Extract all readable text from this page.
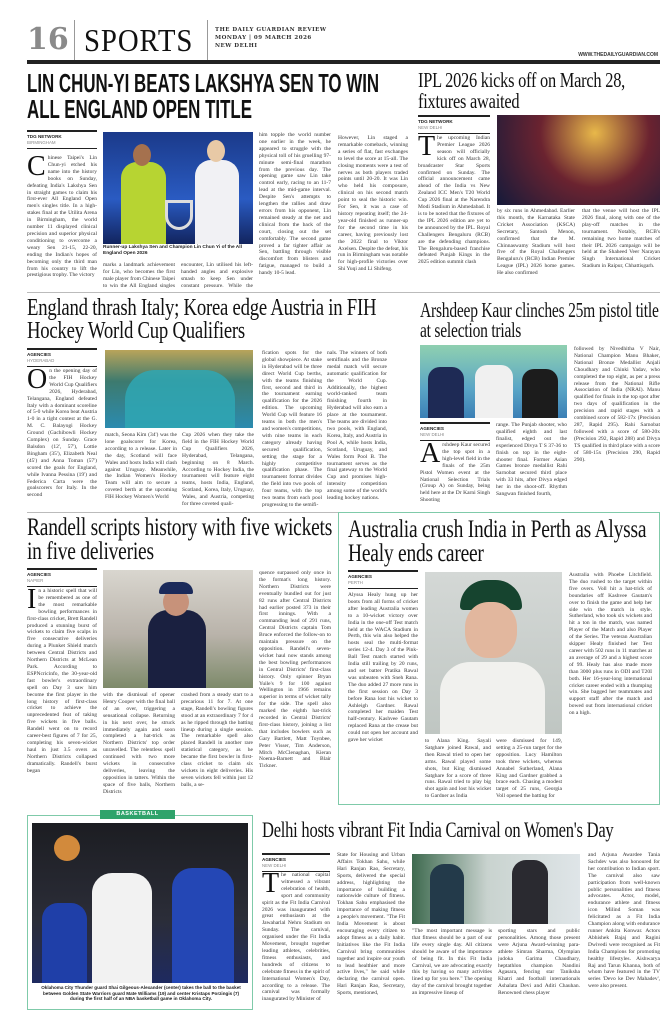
16 SPORTS	THE DAILY GUARDIAN REVIEW
MONDAY | 09 MARCH 2026
NEW DELHI
WWW.THEDAILYGUARDIAN.COM
LIN CHUN-YI BEATS LAKSHYA SEN TO WIN ALL ENGLAND OPEN TITLE
TDG NETWORK
BIRMINGHAM
Chinese Taipei's Lin Chun-yi etched his name into the history books on Sunday, defeating India's Lakshya Sen in straight games to claim his first-ever All England Open men's singles title. In a high-stakes final at the Utilita Arena in Birmingham, the world number 11 displayed clinical precision and superior physical conditioning to overcome a weary Sen 21-15, 22-20, ending the Indian's hopes of becoming only the third man from his country to lift the prestigious trophy. The victory
Runner-up Lakshya Sen and Champion Lin Chun Yi of the All England Open 2026
marks a landmark achievement for Lin, who becomes the first male player from Chinese Taipei to win the All England singles
encounter, Lin utilised his left-handed angles and explosive smash to keep Sen under constant pressure. While the
him topple the world number one earlier in the week, he appeared to struggle with the physical toll of his gruelling 97-minute semi-final marathon from the previous day. The opening game saw Lin take control early, racing to an 11-7 lead at the mid-game interval. Despite Sen's attempts to lengthen the rallies and draw errors from his opponent, Lin remained steady at the net and clinical from the back of the court, closing out the set comfortably. The second game proved a far tighter affair as Sen, battling through visible discomfort from blisters and fatigue, managed to build a handy 10-5 lead.
However, Lin staged a remarkable comeback, winning a series of flat, fast exchanges to level the score at 15-all. The closing moments were a test of nerves as both players traded points until 20-20. It was Lin who held his composure, clinical on his second match point to seal the historic win. For Sen, it was a case of history repeating itself; the 24-year-old finished as runner-up for the second time in his career, having previously lost the 2022 final to Viktor Axelsen. Despite the defeat, his run in Birmingham was notable for high-profile victories over Shi Yuqi and Li Shifeng.
IPL 2026 kicks off on March 28, fixtures awaited
TDG NETWORK
NEW DELHI
The upcoming Indian Premier League 2026 season will officially kick off on March 28, broadcaster Star Sports confirmed on Sunday. The official announcement came ahead of the India vs New Zealand ICC Men's T20 World Cup 2026 final at the Narendra Modi Stadium in Ahmedabad. It is to be noted that the fixtures of the IPL 2026 edition are yet to be announced by the IPL. Royal Challengers Bengaluru (RCB) are the defending champions. The Bengaluru-based franchise defeated Punjab Kings in the 2025 edition summit clash
by six runs in Ahmedabad. Earlier this month, the Karnataka State Cricket Association (KSCA) Secretary, Santosh Menon, confirmed that the M. Chinnaswamy Stadium will host five of the Royal Challengers Bengaluru's (RCB) Indian Premier League (IPL) 2026 home games. He also confirmed
that the venue will host the IPL 2026 final, along with one of the play-off matches in the tournament. Notably, RCB's remaining two home matches of their IPL 2026 campaign will be held at the Shaheed Veer Narayan Singh International Cricket Stadium in Raipur, Chhattisgarh.
England thrash Italy; Korea edge Austria in FIH Hockey World Cup Qualifiers
AGENCIES
HYDERABAD
On the opening day of the FIH Hockey World Cup Qualifiers 2026, Hyderabad, Telangana, England defeated Italy with a dominant scoreline of 5-0 while Korea beat Austria 1-0 in a tight contest at the G. M. C. Balayogi Hockey Ground (Gachibowli Hockey Complex) on Sunday. Grace Balsdon (12', 57'), Lottie Bingham (35'), Elizabeth Neal (45') and Anna Toman (57') scored the goals for England, while Ivanna Pessina (19') and Federica Carta were the goalscorers for Italy. In the second
match, Seona Kim (34') was the lone goalscorer for Korea, according to a release. Later in the day, Scotland will face Wales and hosts India will clash against Uruguay. Meanwhile, the Indian Women's Hockey Team will aim to secure a coveted berth at the upcoming FIH Hockey Women's World
Cup 2026 when they take the field in the FIH Hockey World Cup Qualifiers 2026, Hyderabad, Telangana, beginning on 8 March. According to Hockey India, the tournament will feature eight teams, hosts India, England, Scotland, Korea, Italy, Uruguay, Wales, and Austria, competing for three coveted quali-
fication spots for the global showpiece. At stake in Hyderabad will be three direct World Cup berths, with the teams finishing first, second and third in the tournament earning qualification for the 2026 edition. The upcoming World Cup will feature 16 teams in both the men's and women's competitions, with nine teams in each category already having secured qualification, setting the stage for a highly competitive qualification phase. The tournament format divides the field into two pools of four teams, with the top two teams from each pool progressing to the semifi-
nals. The winners of both semifinals and the Bronze medal match will secure automatic qualification for the World Cup. Additionally, the highest world-ranked team finishing fourth in Hyderabad will also earn a place at the tournament. The teams are divided into two pools, with England, Korea, Italy, and Austria in Pool A, while hosts India, Scotland, Uruguay, and Wales form Pool B. The tournament serves as the final gateway to the World Cup and promises high-intensity competition among some of the world's leading hockey nations.
Arshdeep Kaur clinches 25m pistol title at selection trials
AGENCIES
NEW DELHI
Arshdeep Kaur secured the top spot in a high-level field in the finals of the 25m Pistol Women event at the National Selection Trials (Group A) on Sunday, being held here at the Dr Karni Singh Shooting
range. The Punjab shooter, who qualified eighth and last finalist, edged out the experienced Divya T S 37-36 to finish on top in the eight-shooter final. Former Asian Games bronze medallist Rahi Sarnobat secured third place with 33 hits, after Divya edged her in the shoot-off. Rhythm Sangwan finished fourth,
followed by Nivedhitha V Nair, National Champion Manu Bhaker, National Bronze Medallist Anjali Choudhary and Chinki Yadav, who completed the top eight, as per a press release from the National Rifle Association of India (NRAI). Manu qualified for finals in the top spot after two days of qualification in the precision and rapid stages with a combined score of 582-17x (Precision 287, Rapid 295). Rahi Sarnobat followed with a score of 580-20x (Precision 292, Rapid 288) and Divya TS qualified in third place with a score of 580-15x (Precision 290, Rapid 290).
Randell scripts history with five wickets in five deliveries
AGENCIES
NAPIER
In a historic spell that will be remembered as one of the most remarkable bowling performances in first-class cricket, Brett Randell produced a stunning burst of wickets to claim five scalps in five consecutive deliveries during a Plunket Shield match between Central Districts and Northern Districts at McLean Park. According to ESPNcricinfo, the 30-year-old fast bowler's extraordinary spell on Day 3 saw him become the first player in the long history of first-class cricket to achieve the unprecedented feat of taking five wickets in five balls. Randell went on to record career-best figures of 7 for 25, completing his seven-wicket haul in just 3.5 overs as Northern Districts collapsed dramatically. Randell's burst began
with the dismissal of opener Henry Cooper with the final ball of an over, triggering a sensational collapse. Returning in his next over, he struck immediately again and soon completed a hat-trick as Northern Districts' top order unravelled. The relentless spell continued with two more wickets in consecutive deliveries, leaving the opposition in tatters. Within the space of five balls, Northern Districts
crashed from a steady start to a precarious 11 for 7. At one stage, Randell's bowling figures stood at an extraordinary 7 for 4 as he ripped through the batting lineup during a single session. The remarkable spell also placed Randell in another rare statistical category, as he became the first bowler in first-class cricket to claim six wickets in eight deliveries. His seven wickets fell within just 12 balls, a se-
quence surpassed only once in the format's long history. Northern Districts were eventually bundled out for just 82 runs after Central Districts had earlier posted 373 in their first innings. With a commanding lead of 291 runs, Central Districts captain Tom Bruce enforced the follow-on to maintain pressure on the opposition. Randell's seven-wicket haul now stands among the best bowling performances in Central Districts' first-class history. Only spinner Bryan Yuile's 9 for 100 against Wellington in 1966 remains superior in terms of wicket tally for the side. The spell also marked the eighth hat-trick recorded in Central Districts' first-class history, joining a list that includes bowlers such as Gary Bartlett, Matt Toynbee, Peter Visser, Tim Anderson, Mitch McClenaghan, Kieran Noema-Barnett and Blair Tickner.
Australia crush India in Perth as Alyssa Healy ends career
AGENCIES
PERTH
Alyssa Healy hung up her boots from all forms of cricket after leading Australia women to a 10-wicket victory over India in the one-off Test match held at the WACA Stadium in Perth, this win also helped the hosts seal the multi-format series 12-4. Day 3 of the Pink-Ball Test match started with India still trailing by 20 runs, and set batter Pratika Rawal was unbeaten with Sneh Rana. The duo added 27 more runs in the first session on Day 3 before Rana lost his wicket to Ashleigh Gardner. Rawal completed her maiden Test half-century. Kashvee Gautam replaced Rana at the crease but could not open her account and gave her wicket	to Alana King. Sayali Satghare joined Rawal, and then Rawal tried to open her arms. Rawal played some shots, but King dismissed Satghare for a score of three runs. Rawal tried to play big shot again and lost his wicket to Gardner as India
were dismissed for 149, setting a 25-run target for the opposition. Lucy Hamilton took three wickets, whereas Annabel Sutherland, Alana King and Gardner grabbed a brace each. Chasing a modest target of 25 runs, Georgia Voll opened the batting for
Australia with Phoebe Litchfield. The duo rushed to the target within five overs. Voll hit a hat-trick of boundaries off Kashvee Gautam's over to finish the game and help her side win the match in style. Sutherland, who took six wickets and hit a ton in the match, was named Player of the Match and also Player of the Series. The veteran Australian skipper Healy finished her Test career with 502 runs in 11 matches at an average of 29 and a highest score of 99. Healy has also made more than 3000 plus runs in ODI and T20I both. Her 16-year-long international cricket career ended with a thumping win. She bagged her teammates and support staff after the match and bowed out from international cricket on a high.
BASKETBALL
Oklahoma City Thunder guard Shai Gilgeous-Alexander (center) takes the ball to the basket between Golden State Warriors guard Mate Williams (19) and center Kristaps Porzingis (7) during the first half of an NBA basketball game in Oklahoma City.
Delhi hosts vibrant Fit India Carnival on Women's Day
AGENCIES
NEW DELHI
The national capital witnessed a vibrant celebration of health, sport and community spirit as the Fit India Carnival 2026 was inaugurated with great enthusiasm at the Jawaharlal Nehru Stadium on Sunday. The carnival, organised under the Fit India Movement, brought together leading athletes, celebrities, fitness enthusiasts, and hundreds of citizens to celebrate fitness in the spirit of International Women's Day, according to a release. The carnival was formally inaugurated by Minister of
State for Housing and Urban Affairs Tokhan Sahu, while Hari Ranjan Rao, Secretary, Sports, delivered the special address, highlighting the importance of building a nationwide culture of fitness. Tokhan Sahu emphasised the importance of making fitness a people's movement. "The Fit India Movement is about encouraging every citizen to adopt fitness as a daily habit. Initiatives like the Fit India Carnival bring communities together and inspire our youth to lead healthier and more active lives," he said while declaring the carnival open. Hari Ranjan Rao, Secretary, Sports, mentioned,
"The most important message is that fitness should be a part of our life every single day. All citizens should be aware of the importance of being fit. In this Fit India Carnival, we are advocating exactly this by having so many activities lined up for you here." The opening day of the carnival brought together an impressive lineup of
sporting stars and public personalities. Among those present were Arjuna Award-winning para-athlete Simran Sharma, Olympian judoka Garima Chaudhary, heptathlon champion Nandini Agasara, fencing star Taniksha Khatri and football internationals Ashalata Devi and Aditi Chauhan. Renowned chess player
and Arjuna Awardee Tania Sachdev was also honoured for her contribution to Indian sport. The carnival also saw participation from well-known public personalities and fitness advocates. Actor, model, endurance athlete and fitness icon Milind Soman was felicitated as a Fit India Champion along with endurance runner Ankita Konwar. Actors Abhishek Bajaj and Ragini Dwivedi were recognised as Fit India Champions for promoting healthy lifestyles. Aishwarya Raj and Tarun Khanna, both of whom have featured in the TV series 'Devo ke Dev Mahadev', were also present.
